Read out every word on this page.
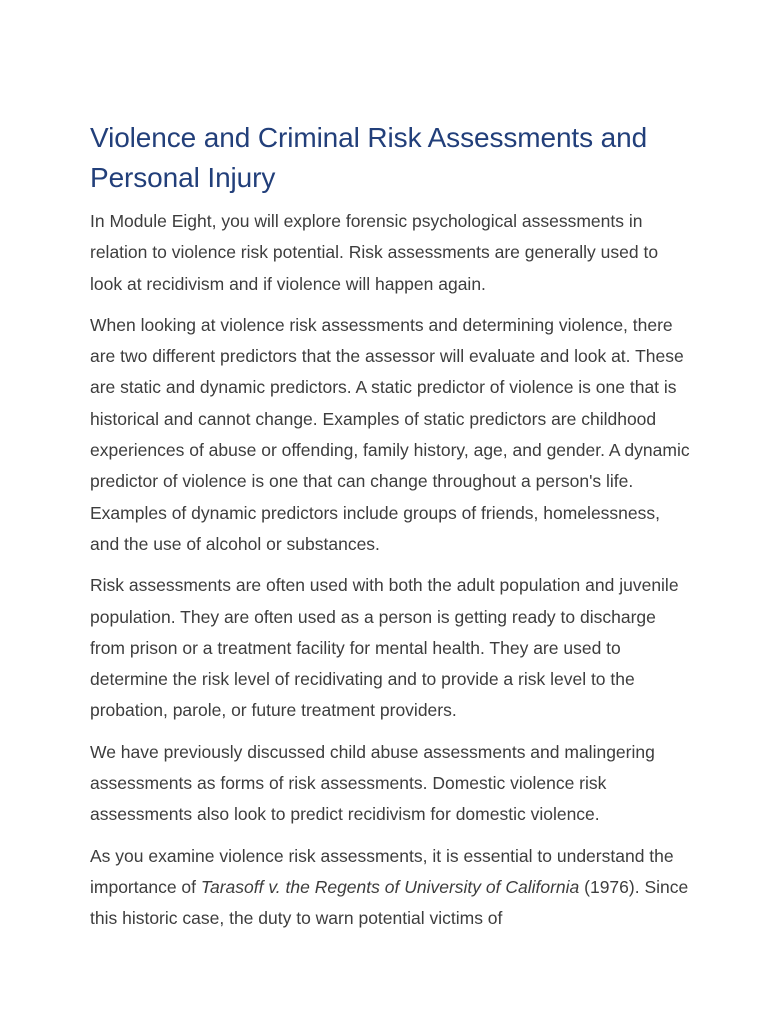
Violence and Criminal Risk Assessments and Personal Injury

In Module Eight, you will explore forensic psychological assessments in relation to violence risk potential. Risk assessments are generally used to look at recidivism and if violence will happen again.

When looking at violence risk assessments and determining violence, there are two different predictors that the assessor will evaluate and look at. These are static and dynamic predictors. A static predictor of violence is one that is historical and cannot change. Examples of static predictors are childhood experiences of abuse or offending, family history, age, and gender. A dynamic predictor of violence is one that can change throughout a person's life. Examples of dynamic predictors include groups of friends, homelessness, and the use of alcohol or substances.

Risk assessments are often used with both the adult population and juvenile population. They are often used as a person is getting ready to discharge from prison or a treatment facility for mental health. They are used to determine the risk level of recidivating and to provide a risk level to the probation, parole, or future treatment providers.

We have previously discussed child abuse assessments and malingering assessments as forms of risk assessments. Domestic violence risk assessments also look to predict recidivism for domestic violence.

As you examine violence risk assessments, it is essential to understand the importance of Tarasoff v. the Regents of University of California (1976). Since this historic case, the duty to warn potential victims of
